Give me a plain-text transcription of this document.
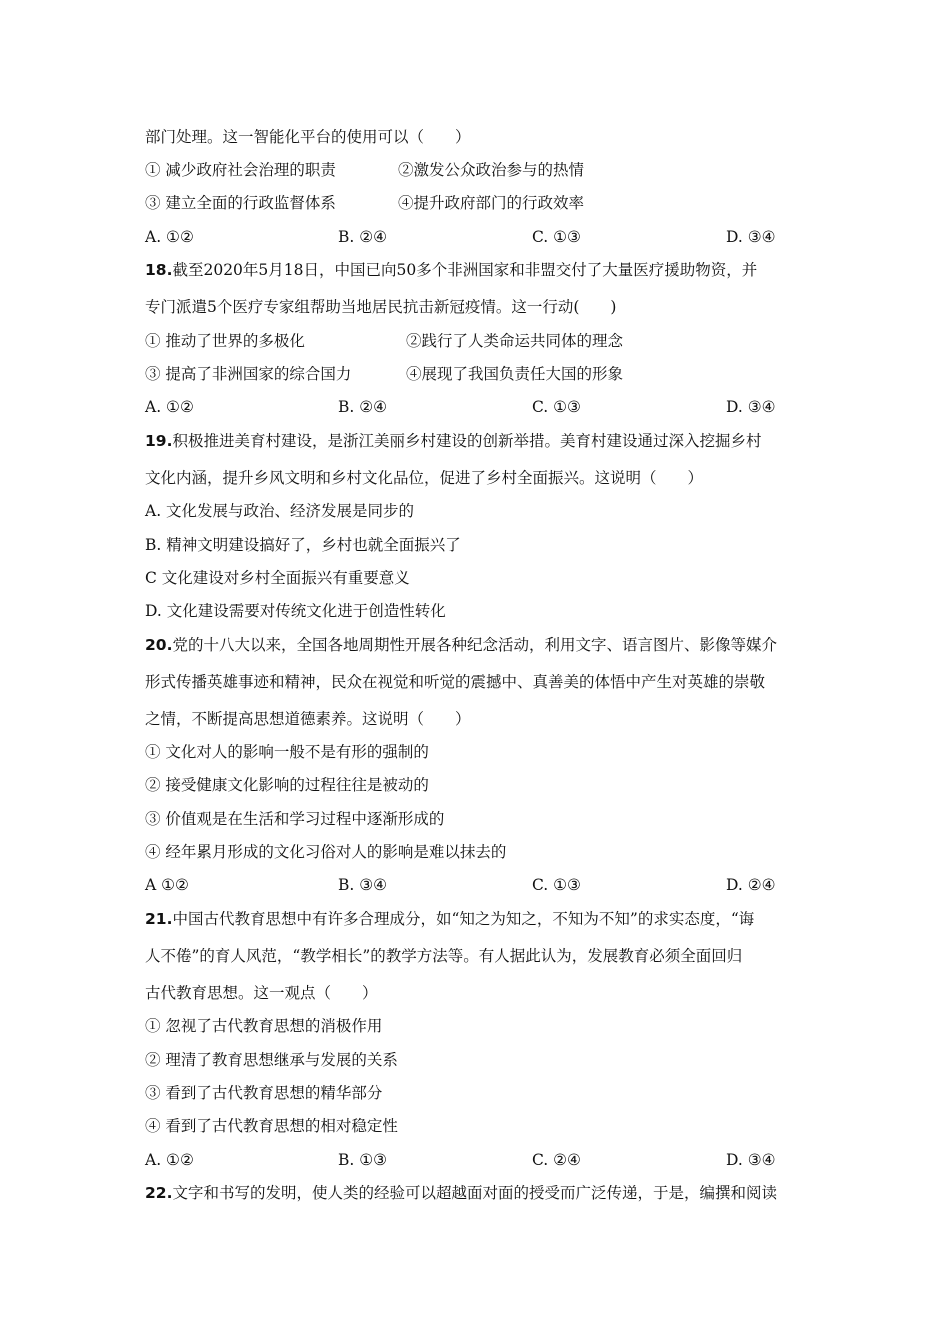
部门处理。这一智能化平台的使用可以（　　）
① 减少政府社会治理的职责	②激发公众政治参与的热情
③ 建立全面的行政监督体系	④提升政府部门的行政效率
A. ①②	B. ②④	C. ①③	D. ③④
18.截至2020年5月18日，中国已向50多个非洲国家和非盟交付了大量医疗援助物资，并
专门派遣5个医疗专家组帮助当地居民抗击新冠疫情。这一行动(　　)
① 推动了世界的多极化	②践行了人类命运共同体的理念
③ 提高了非洲国家的综合国力	④展现了我国负责任大国的形象
A. ①②	B. ②④	C. ①③	D. ③④
19.积极推进美育村建设，是浙江美丽乡村建设的创新举措。美育村建设通过深入挖掘乡村
文化内涵，提升乡风文明和乡村文化品位，促进了乡村全面振兴。这说明（　　）
A. 文化发展与政治、经济发展是同步的
B. 精神文明建设搞好了，乡村也就全面振兴了
C 文化建设对乡村全面振兴有重要意义
D. 文化建设需要对传统文化进于创造性转化
20.党的十八大以来，全国各地周期性开展各种纪念活动，利用文字、语言图片、影像等媒介
形式传播英雄事迹和精神，民众在视觉和听觉的震撼中、真善美的体悟中产生对英雄的崇敬
之情，不断提高思想道德素养。这说明（　　）
① 文化对人的影响一般不是有形的强制的
② 接受健康文化影响的过程往往是被动的
③ 价值观是在生活和学习过程中逐渐形成的
④ 经年累月形成的文化习俗对人的影响是难以抹去的
A ①②	B. ③④	C. ①③	D. ②④
21.中国古代教育思想中有许多合理成分，如“知之为知之，不知为不知”的求实态度，“诲
人不倦”的育人风范，“教学相长”的教学方法等。有人据此认为，发展教育必须全面回归
古代教育思想。这一观点（　　）
① 忽视了古代教育思想的消极作用
② 理清了教育思想继承与发展的关系
③ 看到了古代教育思想的精华部分
④ 看到了古代教育思想的相对稳定性
A. ①②	B. ①③	C. ②④	D. ③④
22.文字和书写的发明，使人类的经验可以超越面对面的授受而广泛传递，于是，编撰和阅读
